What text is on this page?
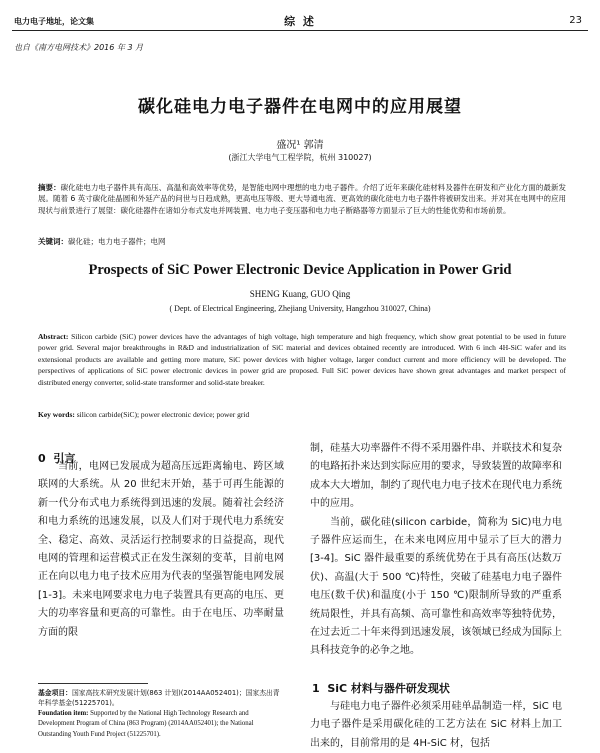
电力电子地址，论文集	综 述	23
也自《南方电网技术》2016 年 3 月
碳化硅电力电子器件在电网中的应用展望
盛况¹ 郭清
(浙江大学电气工程学院，杭州 310027)
摘要：碳化硅电力电子器件具有高压、高温和高效率等优势，是智能电网中理想的电力电子器件。介绍了近年来碳化硅材料及器件在研发和产业化方面的最新发展。随着 6 英寸碳化硅晶圆和外延产品的问世与日趋成熟，更高电压等级、更大导通电流、更高效的碳化硅电力电子器件将被研发出来。并对其在电网中的应用现状与前景进行了展望：碳化硅器件在诸如分布式发电并网装置、电力电子变压器和电力电子断路器等方面显示了巨大的性能优势和市场前景。
关键词：碳化硅；电力电子器件；电网
Prospects of SiC Power Electronic Device Application in Power Grid
SHENG Kuang, GUO Qing
( Dept. of Electrical Engineering, Zhejiang University, Hangzhou 310027, China)
Abstract: Silicon carbide (SiC) power devices have the advantages of high voltage, high temperature and high frequency, which show great potential to be used in future power grid. Several major breakthroughs in R&D and industrialization of SiC material and devices obtained recently are introduced. With 6 inch 4H-SiC wafer and its extensional products are available and getting more mature, SiC power devices with higher voltage, larger conduct current and more efficiency will be developed. The perspectives of applications of SiC power electronic devices in power grid are proposed. Full SiC power devices have shown great advantages and market perspect of distributed energy converter, solid-state transformer and solid-state breaker.
Key words: silicon carbide(SiC); power electronic device; power grid
0 引言

当前，电网已发展成为超高压远距离输电、跨区域联网的大系统。从 20 世纪末开始，基于可再生能源的新一代分布式电力系统得到迅速的发展。随着社会经济和电力系统的迅速发展，以及人们对于现代电力系统安全、稳定、高效、灵活运行控制要求的日益提高，现代电网的管理和运营模式正在发生深刻的变革，目前电网正在向以电力电子技术应用为代表的坚强智能电网发展[1-3]。未来电网要求电力电子装置具有更高的电压、更大的功率容量和更高的可靠性。由于在电压、功率耐量方面的限

制，硅基大功率器件不得不采用器件串、并联技术和复杂的电路拓扑来达到实际应用的要求，导致装置的故障率和成本大大增加，制约了现代电力电子技术在现代电力系统中的应用。

当前，碳化硅(silicon carbide，简称为 SiC)电力电子器件应运而生，在未来电网应用中显示了巨大的潜力[3-4]。SiC 器件最重要的系统优势在于具有高压(达数万伏)、高温(大于 500 ℃)特性，突破了硅基电力电子器件电压(数千伏)和温度(小于 150 ℃)限制所导致的严重系统局限性，并具有高频、高可靠性和高效率等独特优势，在过去近二十年来得到迅速发展，该领域已经成为国际上具科技竞争的必争之地。

1 SiC 材料与器件研发现状

与硅电力电子器件必须采用硅单晶制造一样，SiC 电力电子器件是采用碳化硅的工艺方法在 SiC 材料上加工出来的，目前常用的是 4H-SiC 材，包括

基金项目：国家高技术研究发展计划(863 计划)(2014AA052401)；国家杰出青年科学基金(51225701)。
Foundation item: Supported by the National High Technology Research and Development Program of China (863 Program) (2014AA052401); the National Outstanding Youth Fund Project (51225701).
